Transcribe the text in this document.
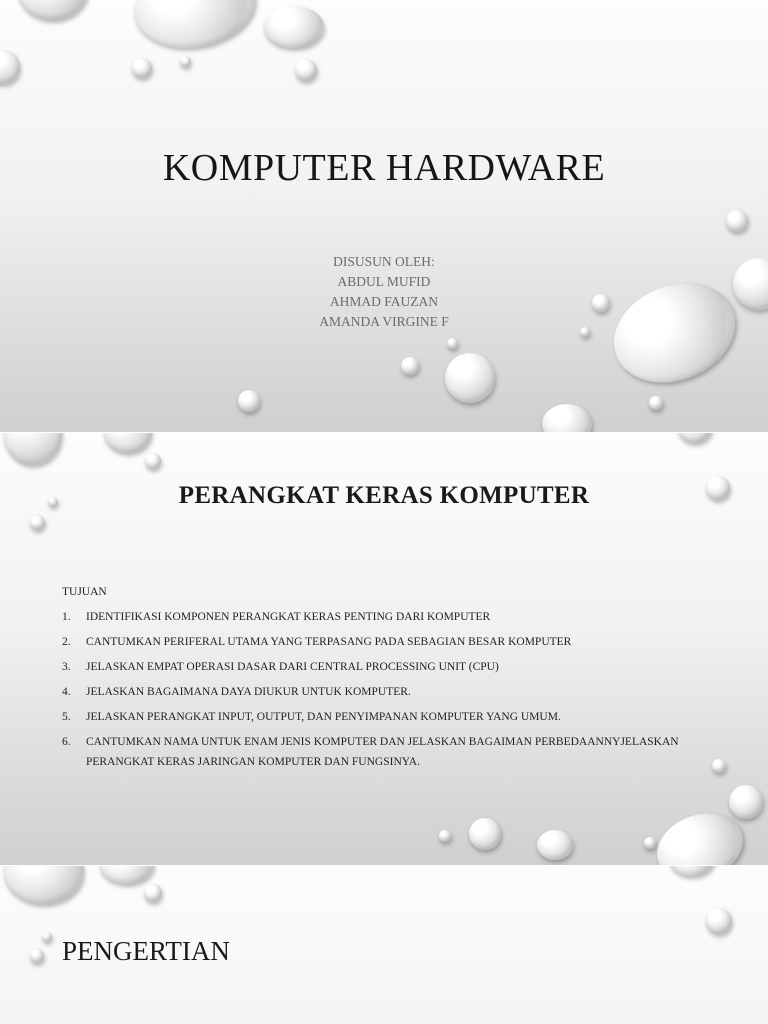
KOMPUTER HARDWARE
DISUSUN OLEH:
ABDUL MUFID
AHMAD FAUZAN
AMANDA VIRGINE F
PERANGKAT KERAS KOMPUTER
TUJUAN
1.	IDENTIFIKASI KOMPONEN PERANGKAT KERAS PENTING DARI KOMPUTER
2.	CANTUMKAN PERIFERAL UTAMA YANG TERPASANG PADA SEBAGIAN BESAR KOMPUTER
3.	JELASKAN EMPAT OPERASI DASAR DARI CENTRAL PROCESSING UNIT (CPU)
4.	JELASKAN BAGAIMANA DAYA DIUKUR UNTUK KOMPUTER.
5.	JELASKAN PERANGKAT INPUT, OUTPUT, DAN PENYIMPANAN KOMPUTER YANG UMUM.
6.	CANTUMKAN NAMA UNTUK ENAM JENIS KOMPUTER DAN JELASKAN BAGAIMAN PERBEDAANNYJELASKAN PERANGKAT KERAS JARINGAN KOMPUTER DAN FUNGSINYA.
PENGERTIAN
